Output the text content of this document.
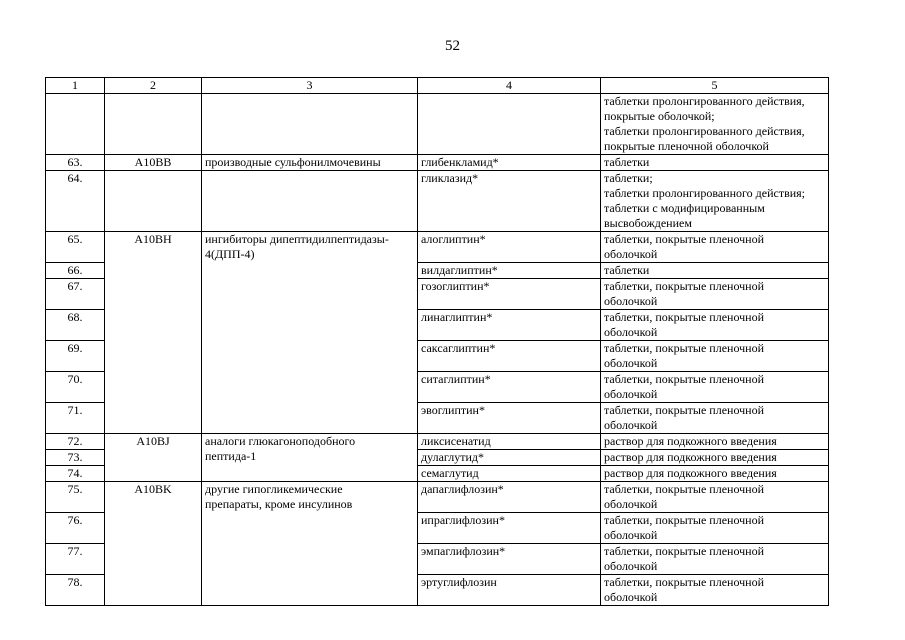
52
1	2	3	4	5

				таблетки пролонгированного действия,
покрытые оболочкой;
таблетки пролонгированного действия,
покрытые пленочной оболочкой

63.	A10BB	производные сульфонилмочевины	глибенкламид*	таблетки

64.			гликлазид*	таблетки;
таблетки пролонгированного действия;
таблетки с модифицированным
высвобождением

65.	A10BH	ингибиторы дипептидилпептидазы-
4(ДПП-4)	алоглиптин*	таблетки, покрытые пленочной
оболочкой

66.			вилдаглиптин*	таблетки

67.			гозоглиптин*	таблетки, покрытые пленочной
оболочкой

68.			линаглиптин*	таблетки, покрытые пленочной
оболочкой

69.			саксаглиптин*	таблетки, покрытые пленочной
оболочкой

70.			ситаглиптин*	таблетки, покрытые пленочной
оболочкой

71.			эвоглиптин*	таблетки, покрытые пленочной
оболочкой

72.	A10BJ	аналоги глюкагоноподобного
пептида-1	ликсисенатид	раствор для подкожного введения

73.			дулаглутид*	раствор для подкожного введения

74.			семаглутид	раствор для подкожного введения

75.	A10BK	другие гипогликемические
препараты, кроме инсулинов	дапаглифлозин*	таблетки, покрытые пленочной
оболочкой

76.			ипраглифлозин*	таблетки, покрытые пленочной
оболочкой

77.			эмпаглифлозин*	таблетки, покрытые пленочной
оболочкой

78.			эртуглифлозин	таблетки, покрытые пленочной
оболочкой
